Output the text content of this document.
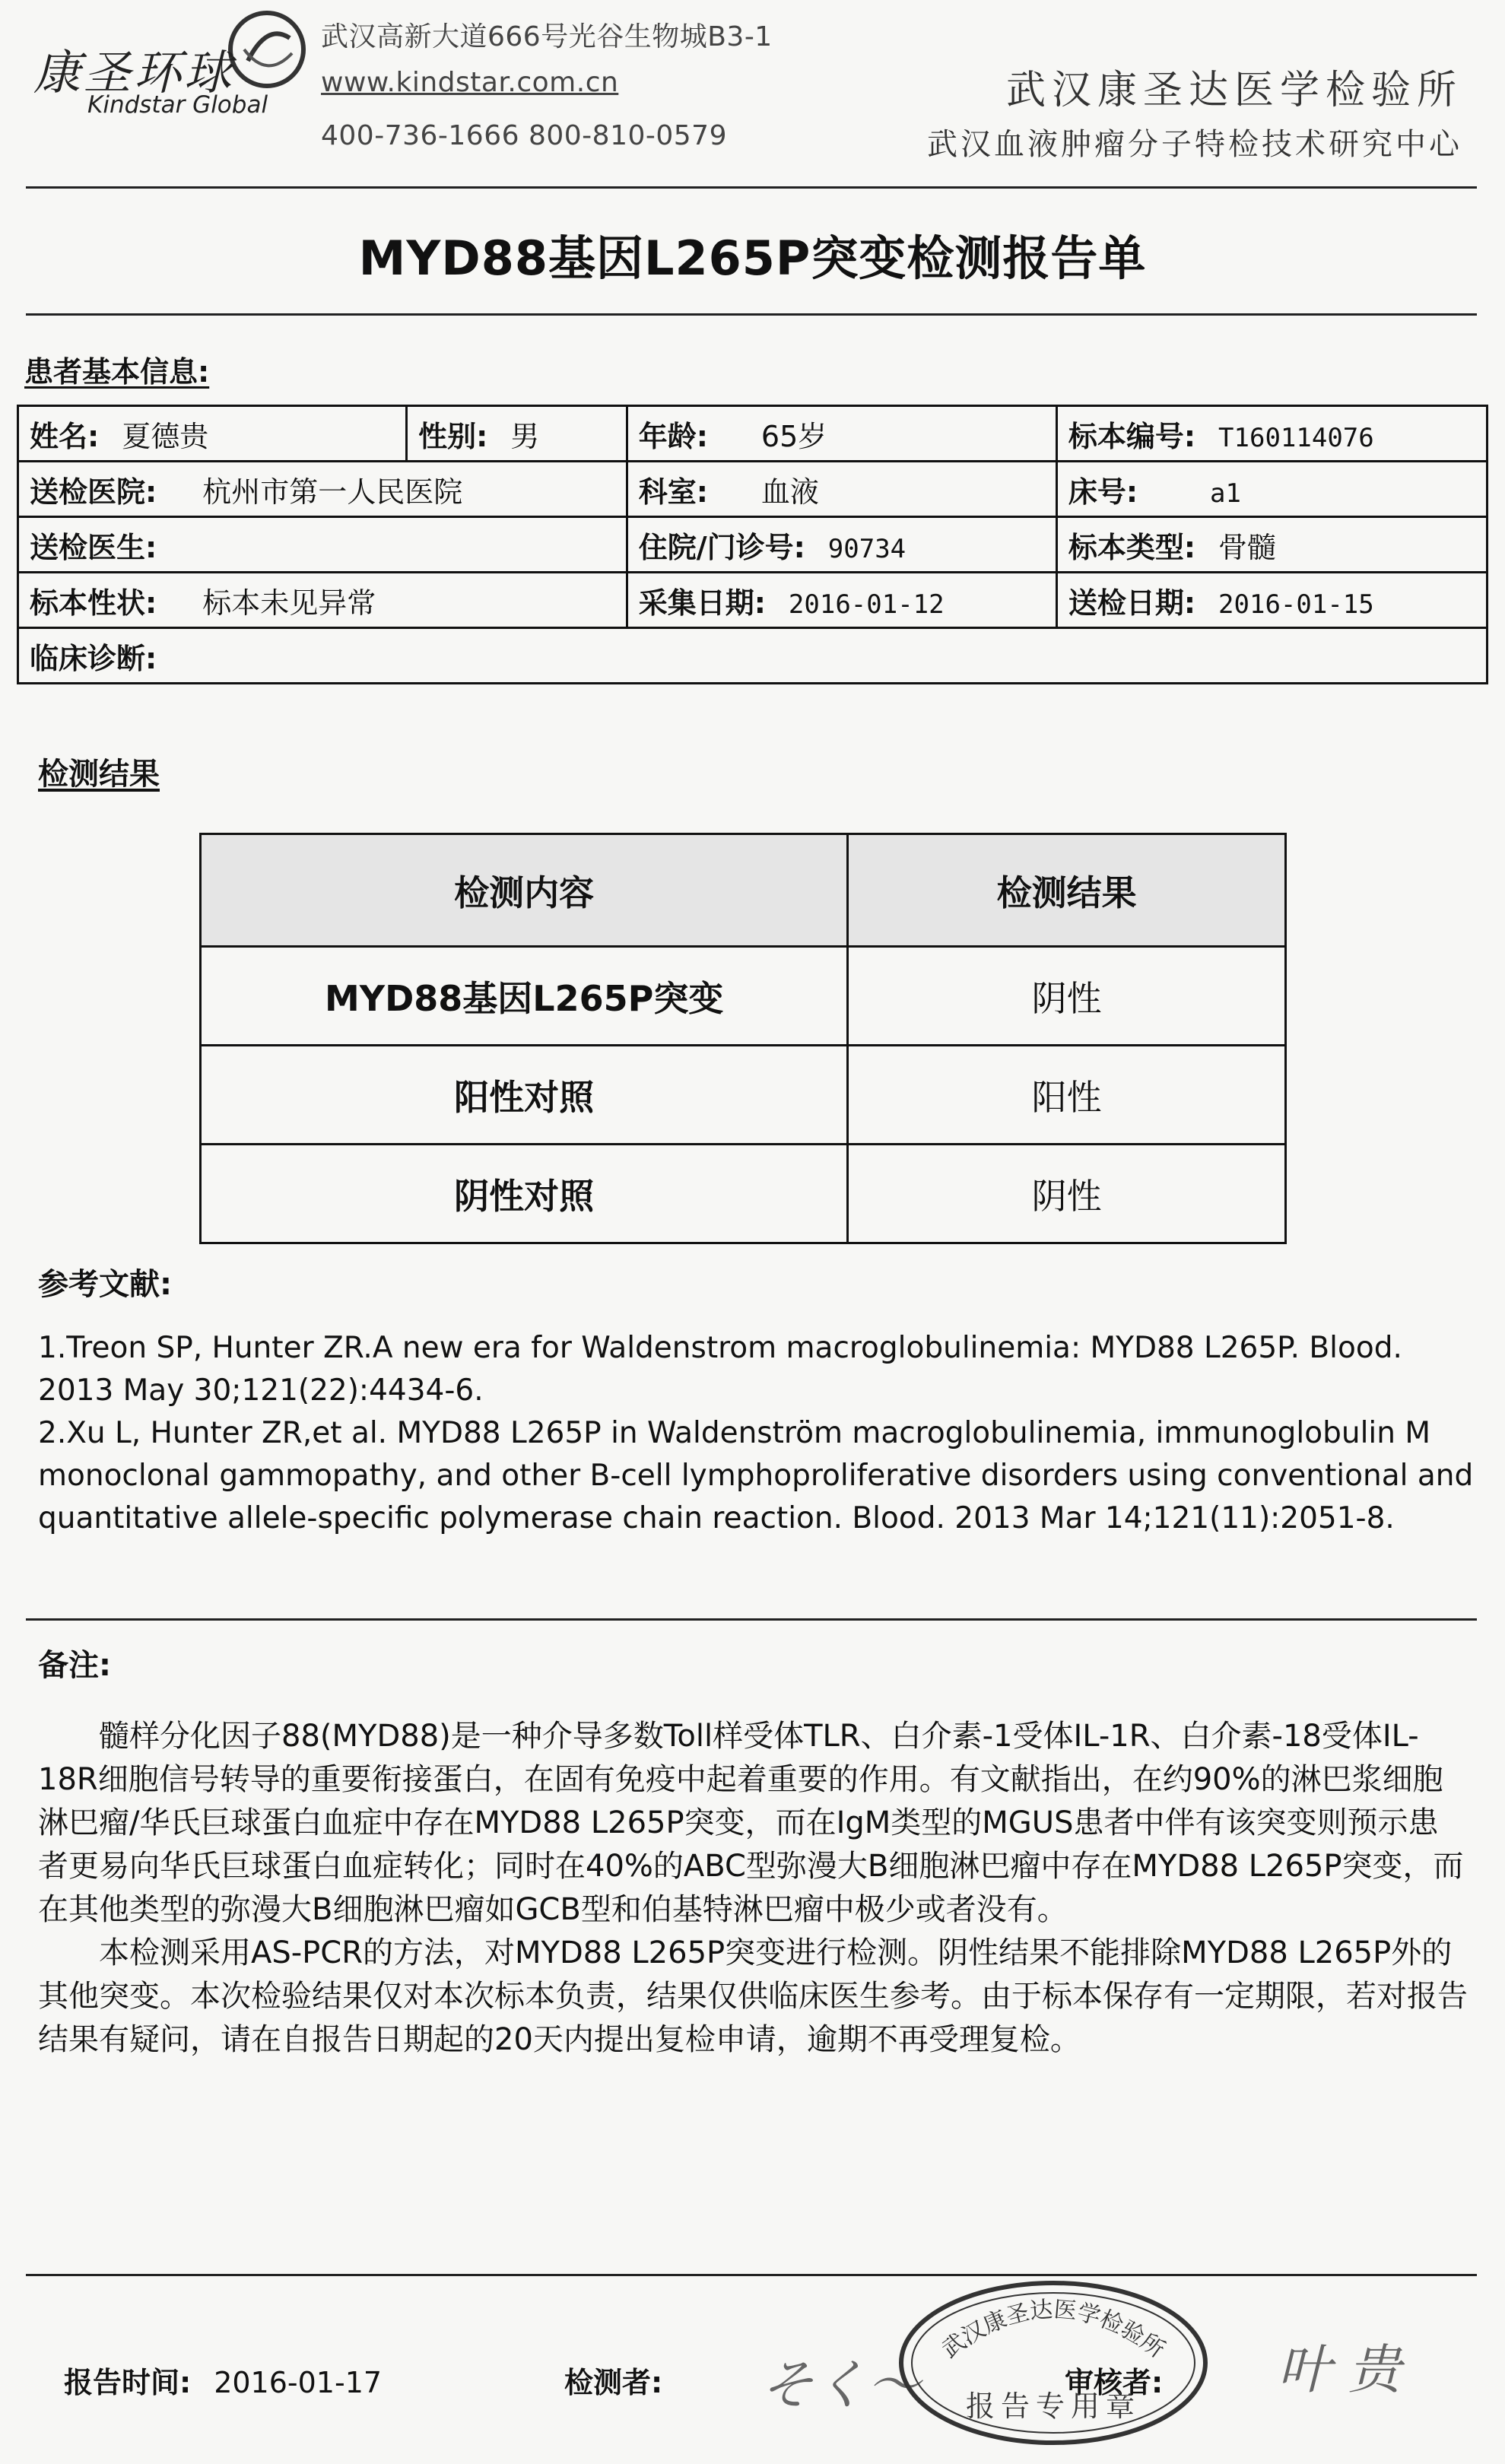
康圣环球
Kindstar Global
武汉高新大道666号光谷生物城B3-1
www.kindstar.com.cn
400-736-1666 800-810-0579
武汉康圣达医学检验所
武汉血液肿瘤分子特检技术研究中心
MYD88基因L265P突变检测报告单
患者基本信息:
姓名: 夏德贵	性别: 男	年龄: 65岁	标本编号: T160114076
送检医院: 杭州市第一人民医院		科室: 血液	床号: a1
送检医生:		住院/门诊号: 90734	标本类型: 骨髓
标本性状: 标本未见异常		采集日期: 2016-01-12	送检日期: 2016-01-15
临床诊断:			
检测结果
检测内容	检测结果
MYD88基因L265P突变	阴性
阳性对照	阳性
阴性对照	阴性
参考文献:
1.Treon SP, Hunter ZR.A new era for Waldenstrom macroglobulinemia: MYD88 L265P. Blood. 2013 May 30;121(22):4434-6.
2.Xu L, Hunter ZR,et al. MYD88 L265P in Waldenström macroglobulinemia, immunoglobulin M monoclonal gammopathy, and other B-cell lymphoproliferative disorders using conventional and quantitative allele-specific polymerase chain reaction. Blood. 2013 Mar 14;121(11):2051-8.
备注:

髓样分化因子88(MYD88)是一种介导多数Toll样受体TLR、白介素-1受体IL-1R、白介素-18受体IL-18R细胞信号转导的重要衔接蛋白，在固有免疫中起着重要的作用。有文献指出，在约90%的淋巴浆细胞淋巴瘤/华氏巨球蛋白血症中存在MYD88 L265P突变，而在IgM类型的MGUS患者中伴有该突变则预示患者更易向华氏巨球蛋白血症转化；同时在40%的ABC型弥漫大B细胞淋巴瘤中存在MYD88 L265P突变，而在其他类型的弥漫大B细胞淋巴瘤如GCB型和伯基特淋巴瘤中极少或者没有。

本检测采用AS-PCR的方法，对MYD88 L265P突变进行检测。阴性结果不能排除MYD88 L265P外的其他突变。本次检验结果仅对本次标本负责，结果仅供临床医生参考。由于标本保存有一定期限，若对报告结果有疑问，请在自报告日期起的20天内提出复检申请，逾期不再受理复检。

报告时间: 2016-01-17	检测者:	そく〜	审核者:	叶 贵
武汉康圣达医学检验所
报告专用章
